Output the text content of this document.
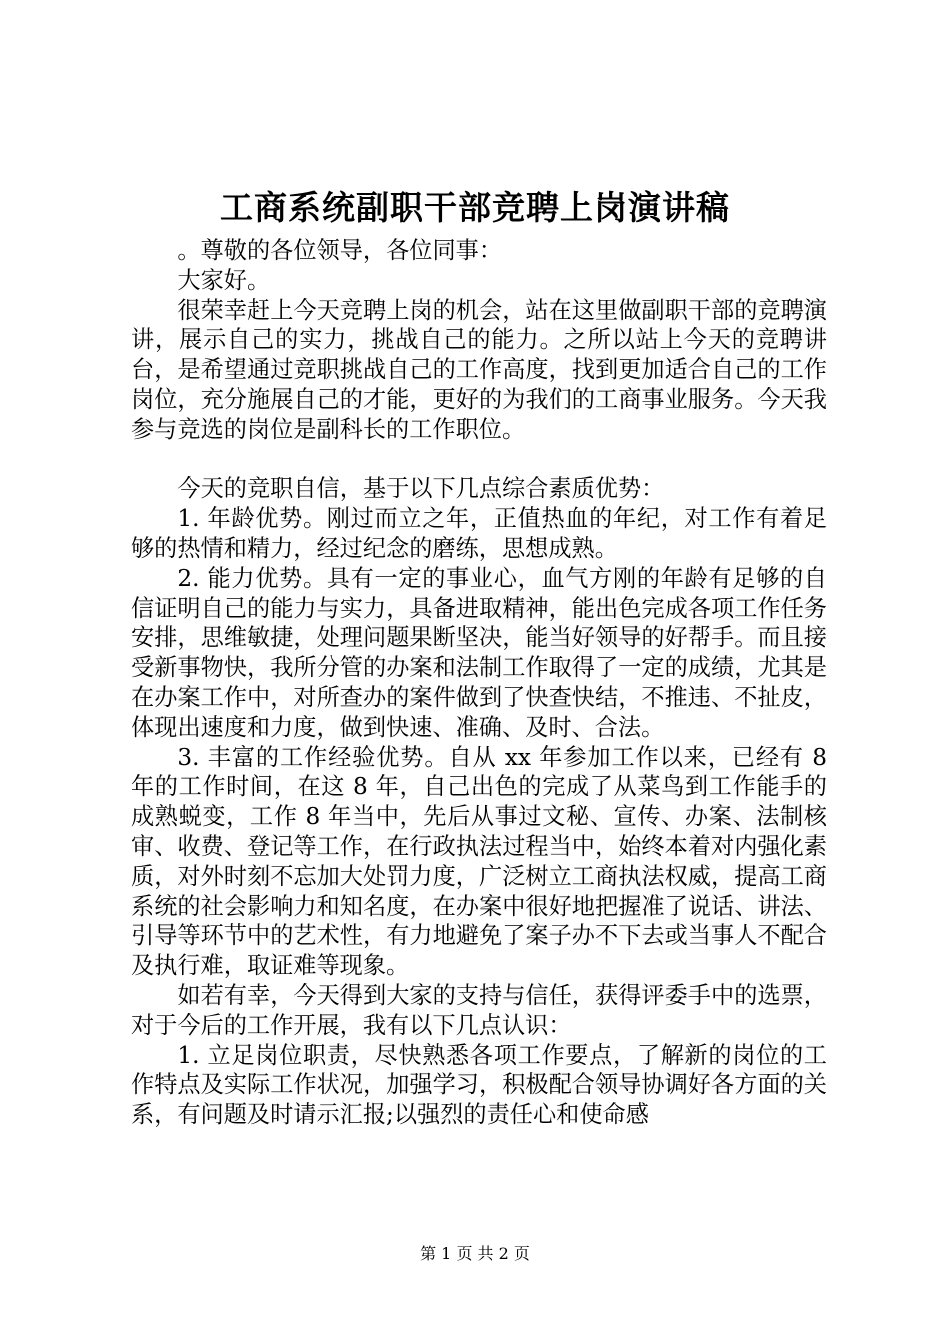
工商系统副职干部竞聘上岗演讲稿

。尊敬的各位领导，各位同事：

大家好。

很荣幸赶上今天竞聘上岗的机会，站在这里做副职干部的竞聘演讲，展示自己的实力，挑战自己的能力。之所以站上今天的竞聘讲台，是希望通过竞职挑战自己的工作高度，找到更加适合自己的工作岗位，充分施展自己的才能，更好的为我们的工商事业服务。今天我参与竞选的岗位是副科长的工作职位。

今天的竞职自信，基于以下几点综合素质优势：

1. 年龄优势。刚过而立之年，正值热血的年纪，对工作有着足够的热情和精力，经过纪念的磨练，思想成熟。

2. 能力优势。具有一定的事业心，血气方刚的年龄有足够的自信证明自己的能力与实力，具备进取精神，能出色完成各项工作任务安排，思维敏捷，处理问题果断坚决，能当好领导的好帮手。而且接受新事物快，我所分管的办案和法制工作取得了一定的成绩，尤其是在办案工作中，对所查办的案件做到了快查快结，不推违、不扯皮，体现出速度和力度，做到快速、准确、及时、合法。

3. 丰富的工作经验优势。自从 xx 年参加工作以来，已经有 8 年的工作时间，在这 8 年，自己出色的完成了从菜鸟到工作能手的成熟蜕变，工作 8 年当中，先后从事过文秘、宣传、办案、法制核审、收费、登记等工作，在行政执法过程当中，始终本着对内强化素质，对外时刻不忘加大处罚力度，广泛树立工商执法权威，提高工商系统的社会影响力和知名度，在办案中很好地把握准了说话、讲法、引导等环节中的艺术性，有力地避免了案子办不下去或当事人不配合及执行难，取证难等现象。

如若有幸，今天得到大家的支持与信任，获得评委手中的选票，对于今后的工作开展，我有以下几点认识：

1. 立足岗位职责，尽快熟悉各项工作要点，了解新的岗位的工作特点及实际工作状况，加强学习，积极配合领导协调好各方面的关系，有问题及时请示汇报;以强烈的责任心和使命感

第 1 页 共 2 页
